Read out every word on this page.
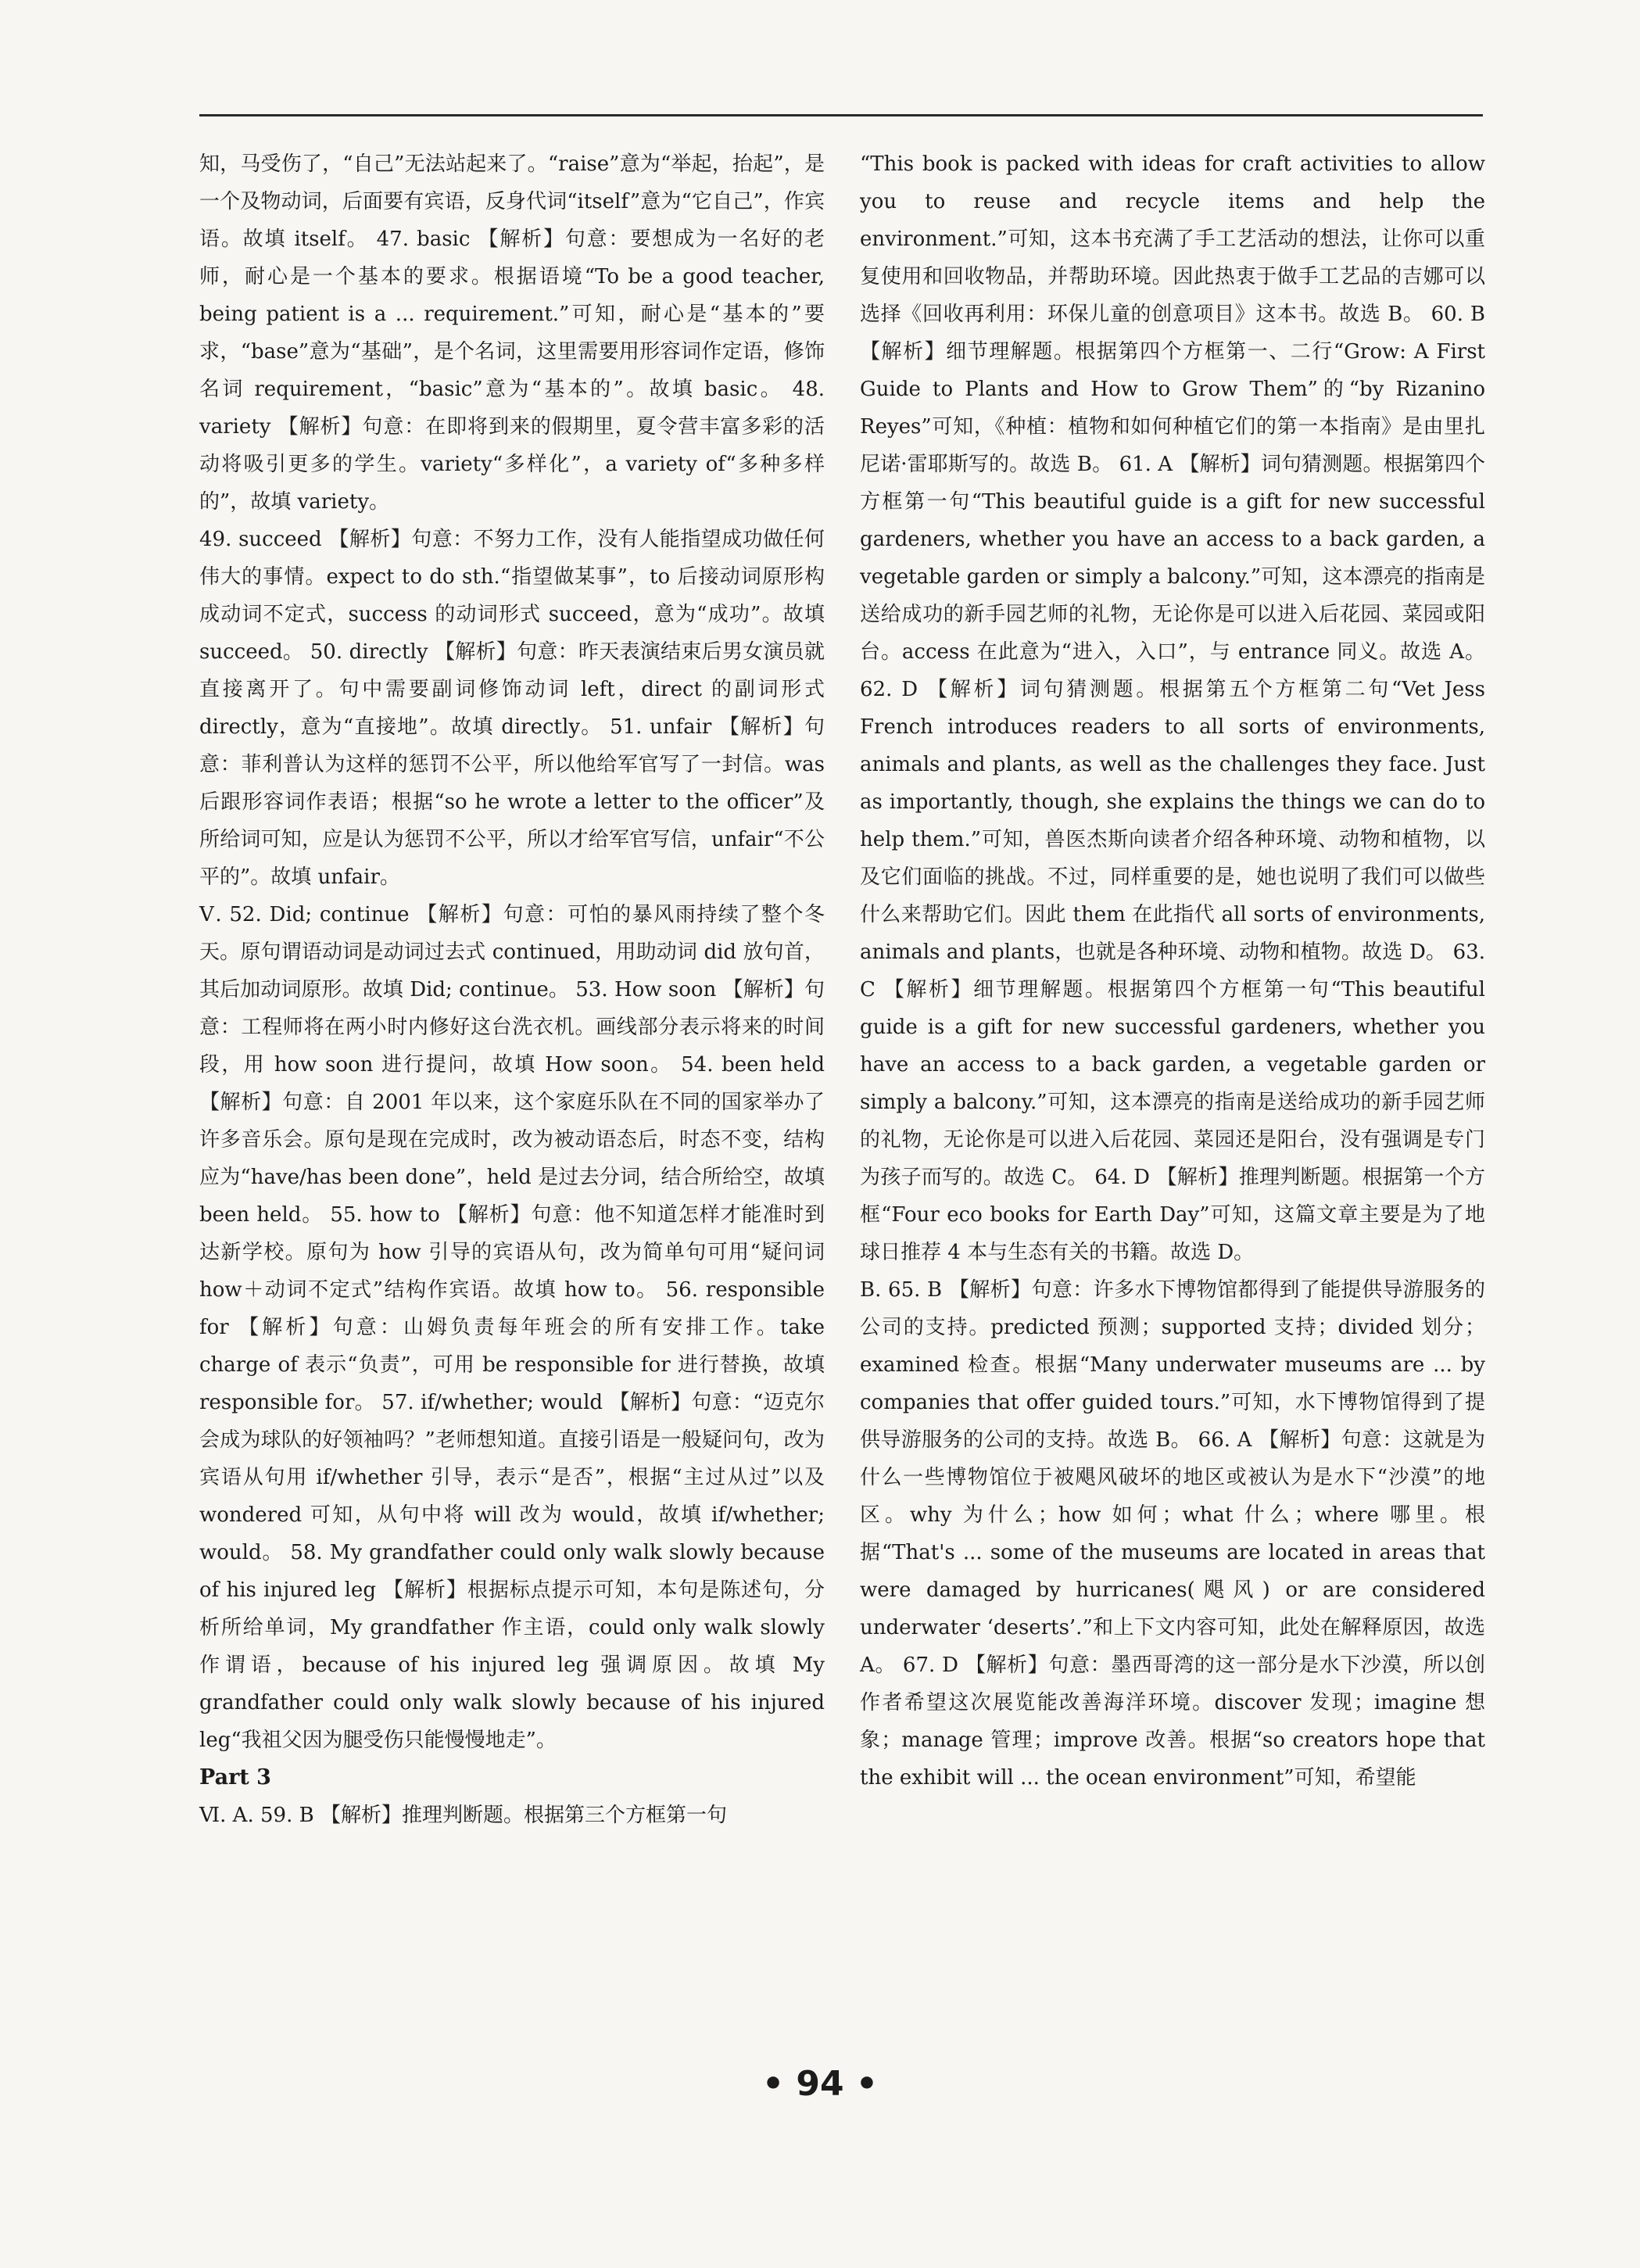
知，马受伤了，“自己”无法站起来了。“raise”意为“举起，抬起”，是一个及物动词，后面要有宾语，反身代词“itself”意为“它自己”，作宾语。故填 itself。 47. basic 【解析】句意：要想成为一名好的老师，耐心是一个基本的要求。根据语境“To be a good teacher, being patient is a ... requirement.”可知，耐心是“基本的”要求，“base”意为“基础”，是个名词，这里需要用形容词作定语，修饰名词 requirement，“basic”意为“基本的”。故填 basic。 48. variety 【解析】句意：在即将到来的假期里，夏令营丰富多彩的活动将吸引更多的学生。variety“多样化”，a variety of“多种多样的”，故填 variety。

49. succeed 【解析】句意：不努力工作，没有人能指望成功做任何伟大的事情。expect to do sth.“指望做某事”，to 后接动词原形构成动词不定式，success 的动词形式 succeed，意为“成功”。故填 succeed。 50. directly 【解析】句意：昨天表演结束后男女演员就直接离开了。句中需要副词修饰动词 left，direct 的副词形式 directly，意为“直接地”。故填 directly。 51. unfair 【解析】句意：菲利普认为这样的惩罚不公平，所以他给军官写了一封信。was 后跟形容词作表语；根据“so he wrote a letter to the officer”及所给词可知，应是认为惩罚不公平，所以才给军官写信，unfair“不公平的”。故填 unfair。

Ⅴ. 52. Did; continue 【解析】句意：可怕的暴风雨持续了整个冬天。原句谓语动词是动词过去式 continued，用助动词 did 放句首，其后加动词原形。故填 Did; continue。 53. How soon 【解析】句意：工程师将在两小时内修好这台洗衣机。画线部分表示将来的时间段，用 how soon 进行提问，故填 How soon。 54. been held 【解析】句意：自 2001 年以来，这个家庭乐队在不同的国家举办了许多音乐会。原句是现在完成时，改为被动语态后，时态不变，结构应为“have/has been done”，held 是过去分词，结合所给空，故填 been held。 55. how to 【解析】句意：他不知道怎样才能准时到达新学校。原句为 how 引导的宾语从句，改为简单句可用“疑问词 how＋动词不定式”结构作宾语。故填 how to。 56. responsible for 【解析】句意：山姆负责每年班会的所有安排工作。take charge of 表示“负责”，可用 be responsible for 进行替换，故填 responsible for。 57. if/whether; would 【解析】句意：“迈克尔会成为球队的好领袖吗？”老师想知道。直接引语是一般疑问句，改为宾语从句用 if/whether 引导，表示“是否”，根据“主过从过”以及 wondered 可知，从句中将 will 改为 would，故填 if/whether; would。 58. My grandfather could only walk slowly because of his injured leg 【解析】根据标点提示可知，本句是陈述句，分析所给单词，My grandfather 作主语，could only walk slowly 作谓语，because of his injured leg 强调原因。故填 My grandfather could only walk slowly because of his injured leg“我祖父因为腿受伤只能慢慢地走”。

Part 3

Ⅵ. A. 59. B 【解析】推理判断题。根据第三个方框第一句

“This book is packed with ideas for craft activities to allow you to reuse and recycle items and help the environment.”可知，这本书充满了手工艺活动的想法，让你可以重复使用和回收物品，并帮助环境。因此热衷于做手工艺品的吉娜可以选择《回收再利用：环保儿童的创意项目》这本书。故选 B。 60. B 【解析】细节理解题。根据第四个方框第一、二行“Grow: A First Guide to Plants and How to Grow Them”的“by Rizanino Reyes”可知，《种植：植物和如何种植它们的第一本指南》是由里扎尼诺·雷耶斯写的。故选 B。 61. A 【解析】词句猜测题。根据第四个方框第一句“This beautiful guide is a gift for new successful gardeners, whether you have an access to a back garden, a vegetable garden or simply a balcony.”可知，这本漂亮的指南是送给成功的新手园艺师的礼物，无论你是可以进入后花园、菜园或阳台。access 在此意为“进入，入口”，与 entrance 同义。故选 A。 62. D 【解析】词句猜测题。根据第五个方框第二句“Vet Jess French introduces readers to all sorts of environments, animals and plants, as well as the challenges they face. Just as importantly, though, she explains the things we can do to help them.”可知，兽医杰斯向读者介绍各种环境、动物和植物，以及它们面临的挑战。不过，同样重要的是，她也说明了我们可以做些什么来帮助它们。因此 them 在此指代 all sorts of environments, animals and plants，也就是各种环境、动物和植物。故选 D。 63. C 【解析】细节理解题。根据第四个方框第一句“This beautiful guide is a gift for new successful gardeners, whether you have an access to a back garden, a vegetable garden or simply a balcony.”可知，这本漂亮的指南是送给成功的新手园艺师的礼物，无论你是可以进入后花园、菜园还是阳台，没有强调是专门为孩子而写的。故选 C。 64. D 【解析】推理判断题。根据第一个方框“Four eco books for Earth Day”可知，这篇文章主要是为了地球日推荐 4 本与生态有关的书籍。故选 D。

B. 65. B 【解析】句意：许多水下博物馆都得到了能提供导游服务的公司的支持。predicted 预测；supported 支持；divided 划分；examined 检查。根据“Many underwater museums are ... by companies that offer guided tours.”可知，水下博物馆得到了提供导游服务的公司的支持。故选 B。 66. A 【解析】句意：这就是为什么一些博物馆位于被飓风破坏的地区或被认为是水下“沙漠”的地区。why 为什么；how 如何；what 什么；where 哪里。根据“That's ... some of the museums are located in areas that were damaged by hurricanes(飓风) or are considered underwater ‘deserts’.”和上下文内容可知，此处在解释原因，故选 A。 67. D 【解析】句意：墨西哥湾的这一部分是水下沙漠，所以创作者希望这次展览能改善海洋环境。discover 发现；imagine 想象；manage 管理；improve 改善。根据“so creators hope that the exhibit will ... the ocean environment”可知，希望能

• 94 •
